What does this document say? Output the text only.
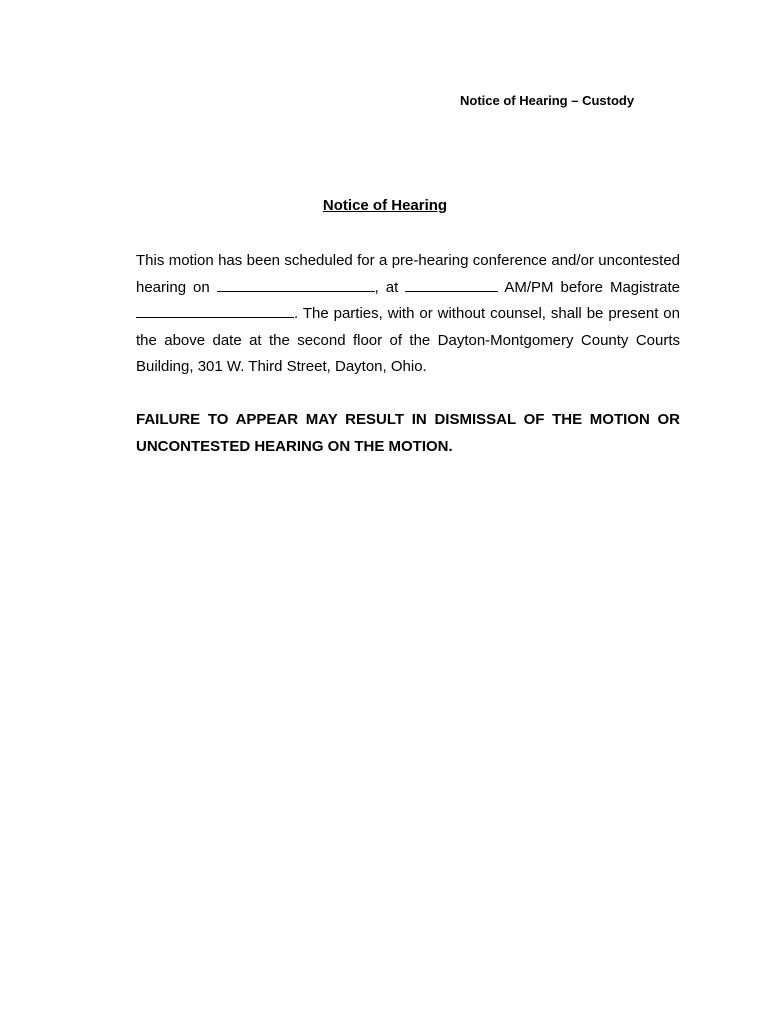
Notice of Hearing – Custody
Notice of Hearing

This motion has been scheduled for a pre-hearing conference and/or uncontested hearing on	, at	AM/PM before Magistrate . The parties, with or without counsel, shall be present on the above date at the second floor of the Dayton-Montgomery County Courts Building, 301 W. Third Street, Dayton, Ohio.

FAILURE TO APPEAR MAY RESULT IN DISMISSAL OF THE MOTION OR UNCONTESTED HEARING ON THE MOTION.
